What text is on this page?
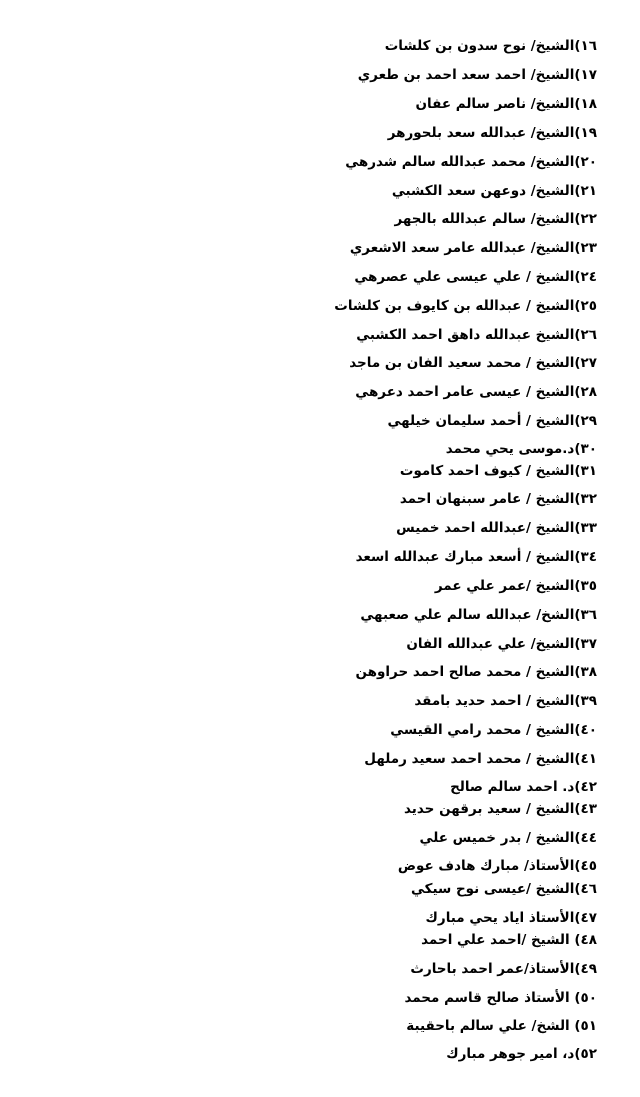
١٦)الشيخ/ نوح سدون بن كلشات
١٧)الشيخ/ احمد سعد احمد بن طعري
١٨)الشيخ/ ناصر سالم عفان
١٩)الشيخ/ عبدالله سعد بلحورهر
٢٠)الشيخ/ محمد عبدالله سالم شدرهي
٢١)الشيخ/ دوعهن سعد الكشبي
٢٢)الشيخ/ سالم عبدالله بالجهر
٢٣)الشيخ/ عبدالله عامر سعد الاشعري
٢٤)الشيخ / علي عيسى علي عصرهي
٢٥)الشيخ / عبدالله بن كايوف بن كلشات
٢٦)الشيخ عبدالله داهق احمد الكشبي
٢٧)الشيخ / محمد سعيد الفان بن ماجد
٢٨)الشيخ / عيسى عامر احمد دعرهي
٢٩)الشيخ / أحمد سليمان خيلهي
٣٠)د.موسى يحي محمد
٣١)الشيخ / كيوف احمد كاموت
٣٢)الشيخ / عامر سبنهان احمد
٣٣)الشيخ /عبدالله احمد خميس
٣٤)الشيخ / أسعد مبارك عبدالله اسعد
٣٥)الشيخ /عمر علي عمر
٣٦)الشخ/ عبدالله سالم علي صعبهي
٣٧)الشيخ/ علي عبدالله الفان
٣٨)الشيخ / محمد صالح احمد حراوهن
٣٩)الشيخ / احمد حديد بامقد
٤٠)الشيخ / محمد رامي القيسي
٤١)الشيخ / محمد احمد سعيد رملهل
٤٢)د. احمد سالم صالح
٤٣)الشيخ / سعيد برقهن حديد
٤٤)الشيخ / بدر خميس علي
٤٥)الأستاذ/ مبارك هادف عوض
٤٦)الشيخ /عيسى نوح سيكي
٤٧)الأستاذ اياد يحي مبارك
٤٨) الشيخ /احمد علي احمد
٤٩)الأستاذ/عمر احمد باحارث
٥٠) الأستاذ صالح قاسم محمد
٥١) الشخ/ علي سالم باحقيبة
٥٢)د، امير جوهر مبارك
